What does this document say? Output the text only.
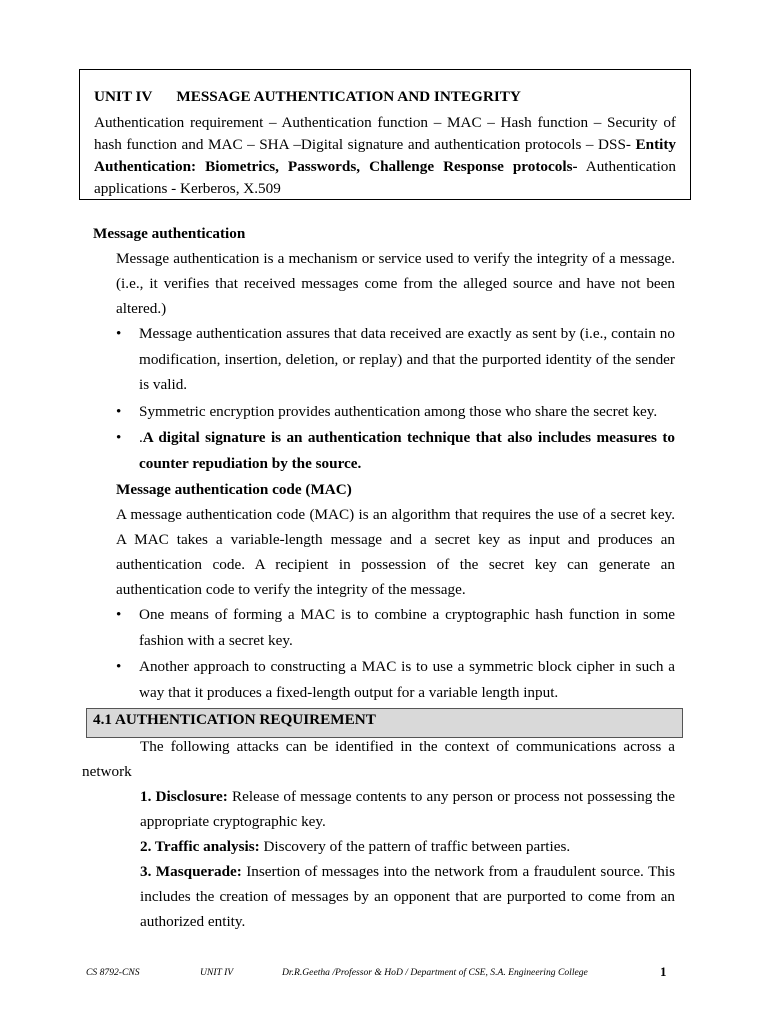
UNIT IV MESSAGE AUTHENTICATION AND INTEGRITY
Authentication requirement – Authentication function – MAC – Hash function – Security of hash function and MAC – SHA –Digital signature and authentication protocols – DSS- Entity Authentication: Biometrics, Passwords, Challenge Response protocols- Authentication applications - Kerberos, X.509
Message authentication
Message authentication is a mechanism or service used to verify the integrity of a message. (i.e., it verifies that received messages come from the alleged source and have not been altered.)
• Message authentication assures that data received are exactly as sent by (i.e., contain no modification, insertion, deletion, or replay) and that the purported identity of the sender is valid.
• Symmetric encryption provides authentication among those who share the secret key.
• .A digital signature is an authentication technique that also includes measures to counter repudiation by the source.
Message authentication code (MAC)
A message authentication code (MAC) is an algorithm that requires the use of a secret key. A MAC takes a variable-length message and a secret key as input and produces an authentication code. A recipient in possession of the secret key can generate an authentication code to verify the integrity of the message.
• One means of forming a MAC is to combine a cryptographic hash function in some fashion with a secret key.
• Another approach to constructing a MAC is to use a symmetric block cipher in such a way that it produces a fixed-length output for a variable length input.
4.1 AUTHENTICATION REQUIREMENT
The following attacks can be identified in the context of communications across a network
1. Disclosure: Release of message contents to any person or process not possessing the appropriate cryptographic key.
2. Traffic analysis: Discovery of the pattern of traffic between parties.
3. Masquerade: Insertion of messages into the network from a fraudulent source. This includes the creation of messages by an opponent that are purported to come from an authorized entity.
CS 8792-CNS	UNIT IV	Dr.R.Geetha /Professor & HoD / Department of CSE, S.A. Engineering College	1
